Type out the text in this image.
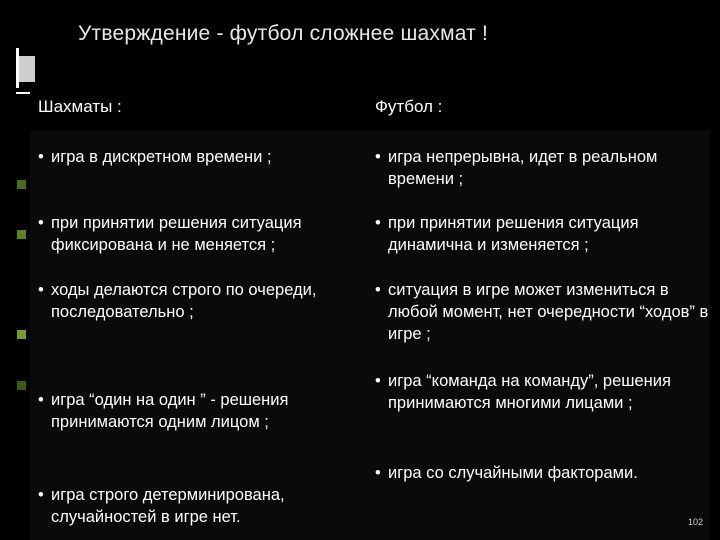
Утверждение - футбол сложнее шахмат !
Шахматы :	Футбол :
• игра в дискретном времени ;
• при принятии решения ситуация фиксирована и не меняется ;
• ходы делаются строго по очереди, последовательно ;
• игра “один на один ” - решения принимаются одним лицом ;
• игра строго детерминирована, случайностей в игре нет.
• игра непрерывна, идет в реальном времени ;
• при принятии решения ситуация динамична и изменяется ;
• ситуация в игре может измениться в любой момент, нет очередности “ходов” в игре ;
• игра “команда на команду”, решения принимаются многими лицами ;
• игра со случайными факторами.
102
